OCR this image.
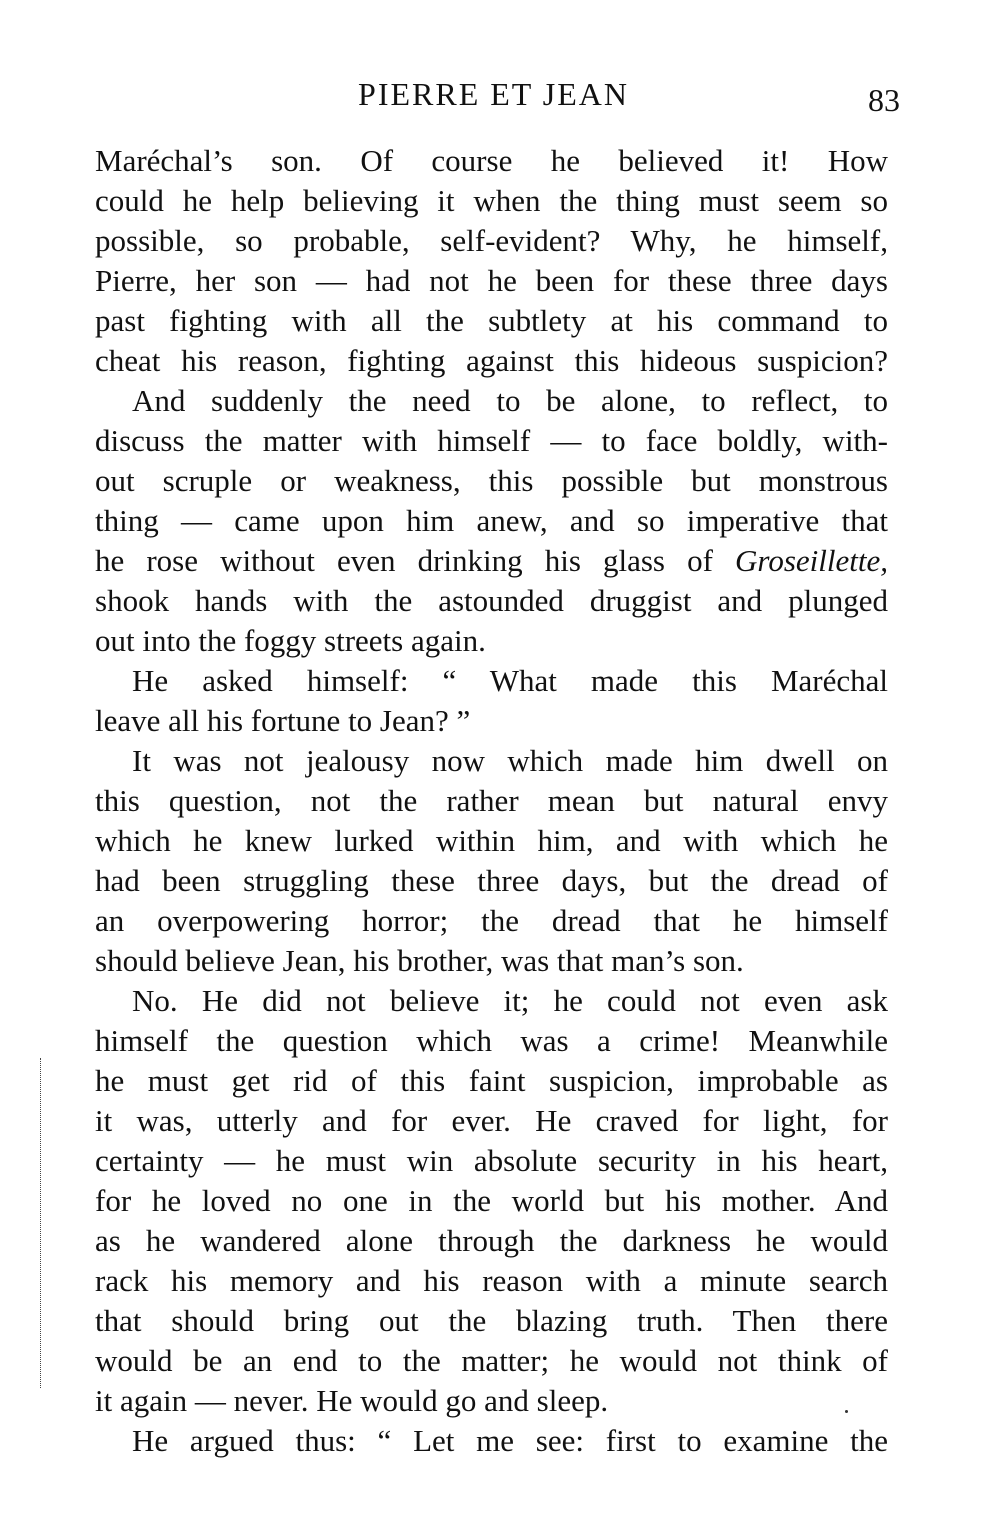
PIERRE ET JEAN	83
Maréchal’s son. Of course he believed it! How
could he help believing it when the thing must seem so
possible, so probable, self-evident? Why, he himself,
Pierre, her son — had not he been for these three days
past fighting with all the subtlety at his command to
cheat his reason, fighting against this hideous suspicion?
And suddenly the need to be alone, to reflect, to
discuss the matter with himself — to face boldly, with-
out scruple or weakness, this possible but monstrous
thing — came upon him anew, and so imperative that
he rose without even drinking his glass of Groseillette,
shook hands with the astounded druggist and plunged
out into the foggy streets again.
He asked himself: “ What made this Maréchal
leave all his fortune to Jean? ”
It was not jealousy now which made him dwell on
this question, not the rather mean but natural envy
which he knew lurked within him, and with which he
had been struggling these three days, but the dread of
an overpowering horror; the dread that he himself
should believe Jean, his brother, was that man’s son.
No. He did not believe it; he could not even ask
himself the question which was a crime! Meanwhile
he must get rid of this faint suspicion, improbable as
it was, utterly and for ever. He craved for light, for
certainty — he must win absolute security in his heart,
for he loved no one in the world but his mother. And
as he wandered alone through the darkness he would
rack his memory and his reason with a minute search
that should bring out the blazing truth. Then there
would be an end to the matter; he would not think of
it again — never. He would go and sleep.
He argued thus: “ Let me see: first to examine the
